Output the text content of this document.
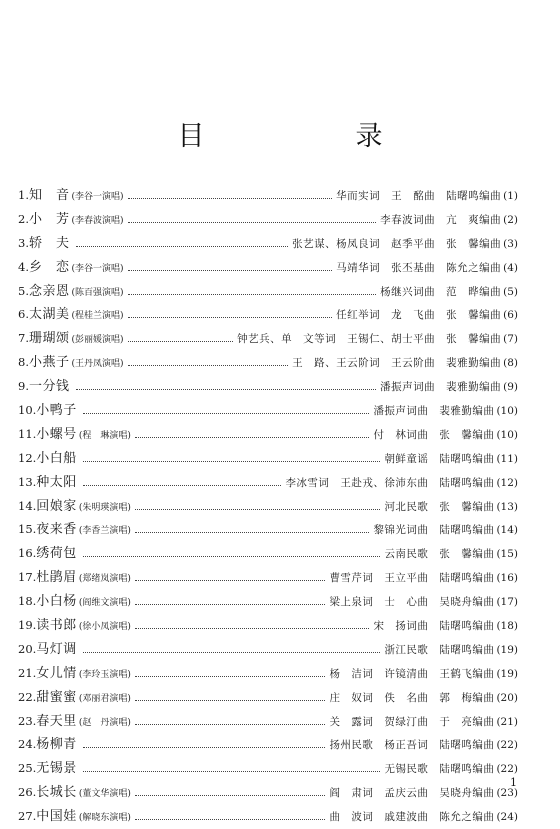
目　录
1. 知　音 (李谷一演唱)	华而实词　王　酩曲　陆曙鸣编曲 (1)
2. 小　芳 (李春波演唱)	李春波词曲　亢　爽编曲 (2)
3. 轿　夫	张艺谋、杨凤良词　赵季平曲　张　馨编曲 (3)
4. 乡　恋 (李谷一演唱)	马靖华词　张丕基曲　陈允之编曲 (4)
5. 念亲恩 (陈百强演唱)	杨继兴词曲　范　晔编曲 (5)
6. 太湖美 (程桂兰演唱)	任红举词　龙　飞曲　张　馨编曲 (6)
7. 珊瑚颂 (彭丽媛演唱)	钟艺兵、单　文等词　王锡仁、胡士平曲　张　馨编曲 (7)
8. 小燕子 (王丹凤演唱)	王　路、王云阶词　王云阶曲　裴雅勤编曲 (8)
9. 一分钱	潘振声词曲　裴雅勤编曲 (9)
10. 小鸭子	潘振声词曲　裴雅勤编曲 (10)
11. 小螺号 (程　琳演唱)	付　林词曲　张　馨编曲 (10)
12. 小白船	朝鲜童谣　陆曙鸣编曲 (11)
13. 种太阳	李冰雪词　王赴戎、徐沛东曲　陆曙鸣编曲 (12)
14. 回娘家 (朱明瑛演唱)	河北民歌　张　馨编曲 (13)
15. 夜来香 (李香兰演唱)	黎锦光词曲　陆曙鸣编曲 (14)
16. 绣荷包	云南民歌　张　馨编曲 (15)
17. 杜鹃眉 (郑绪岚演唱)	曹雪芹词　王立平曲　陆曙鸣编曲 (16)
18. 小白杨 (阎维文演唱)	梁上泉词　士　心曲　吴晓舟编曲 (17)
19. 读书郎 (徐小凤演唱)	宋　扬词曲　陆曙鸣编曲 (18)
20. 马灯调	浙江民歌　陆曙鸣编曲 (19)
21. 女儿情 (李玲玉演唱)	杨　洁词　许镜清曲　王鹤飞编曲 (19)
22. 甜蜜蜜 (邓丽君演唱)	庄　奴词　佚　名曲　郭　梅编曲 (20)
23. 春天里 (赵　丹演唱)	关　露词　贺绿汀曲　于　亮编曲 (21)
24. 杨柳青	扬州民歌　杨正吾词　陆曙鸣编曲 (22)
25. 无锡景	无锡民歌　陆曙鸣编曲 (22)
26. 长城长 (董文华演唱)	阎　肃词　孟庆云曲　吴晓舟编曲 (23)
27. 中国娃 (解晓东演唱)	曲　波词　戚建波曲　陈允之编曲 (24)
1
